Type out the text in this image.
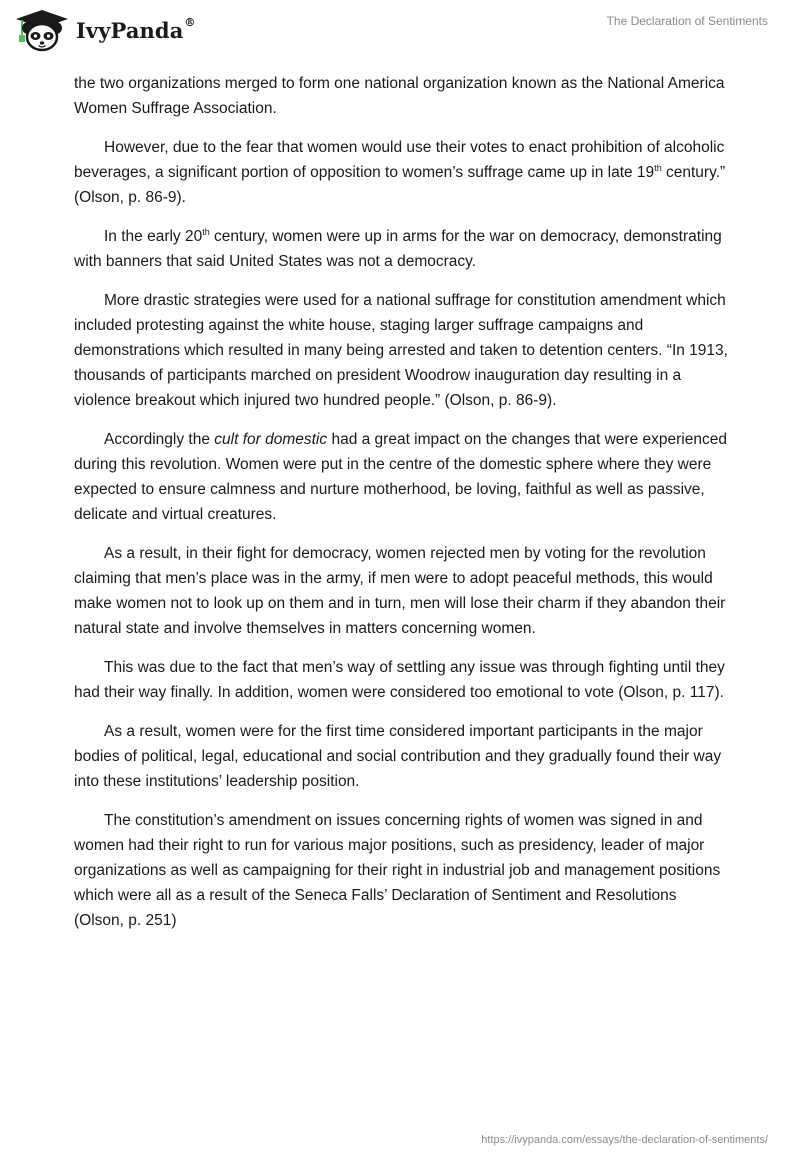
IvyPanda®	The Declaration of Sentiments

the two organizations merged to form one national organization known as the National America Women Suffrage Association.

However, due to the fear that women would use their votes to enact prohibition of alcoholic beverages, a significant portion of opposition to women’s suffrage came up in late 19th century.” (Olson, p. 86-9).

In the early 20th century, women were up in arms for the war on democracy, demonstrating with banners that said United States was not a democracy.

More drastic strategies were used for a national suffrage for constitution amendment which included protesting against the white house, staging larger suffrage campaigns and demonstrations which resulted in many being arrested and taken to detention centers. “In 1913, thousands of participants marched on president Woodrow inauguration day resulting in a violence breakout which injured two hundred people.” (Olson, p. 86-9).

Accordingly the cult for domestic had a great impact on the changes that were experienced during this revolution. Women were put in the centre of the domestic sphere where they were expected to ensure calmness and nurture motherhood, be loving, faithful as well as passive, delicate and virtual creatures.

As a result, in their fight for democracy, women rejected men by voting for the revolution claiming that men’s place was in the army, if men were to adopt peaceful methods, this would make women not to look up on them and in turn, men will lose their charm if they abandon their natural state and involve themselves in matters concerning women.

This was due to the fact that men’s way of settling any issue was through fighting until they had their way finally. In addition, women were considered too emotional to vote (Olson, p. 117).

As a result, women were for the first time considered important participants in the major bodies of political, legal, educational and social contribution and they gradually found their way into these institutions’ leadership position.

The constitution’s amendment on issues concerning rights of women was signed in and women had their right to run for various major positions, such as presidency, leader of major organizations as well as campaigning for their right in industrial job and management positions which were all as a result of the Seneca Falls’ Declaration of Sentiment and Resolutions (Olson, p. 251)

https://ivypanda.com/essays/the-declaration-of-sentiments/
